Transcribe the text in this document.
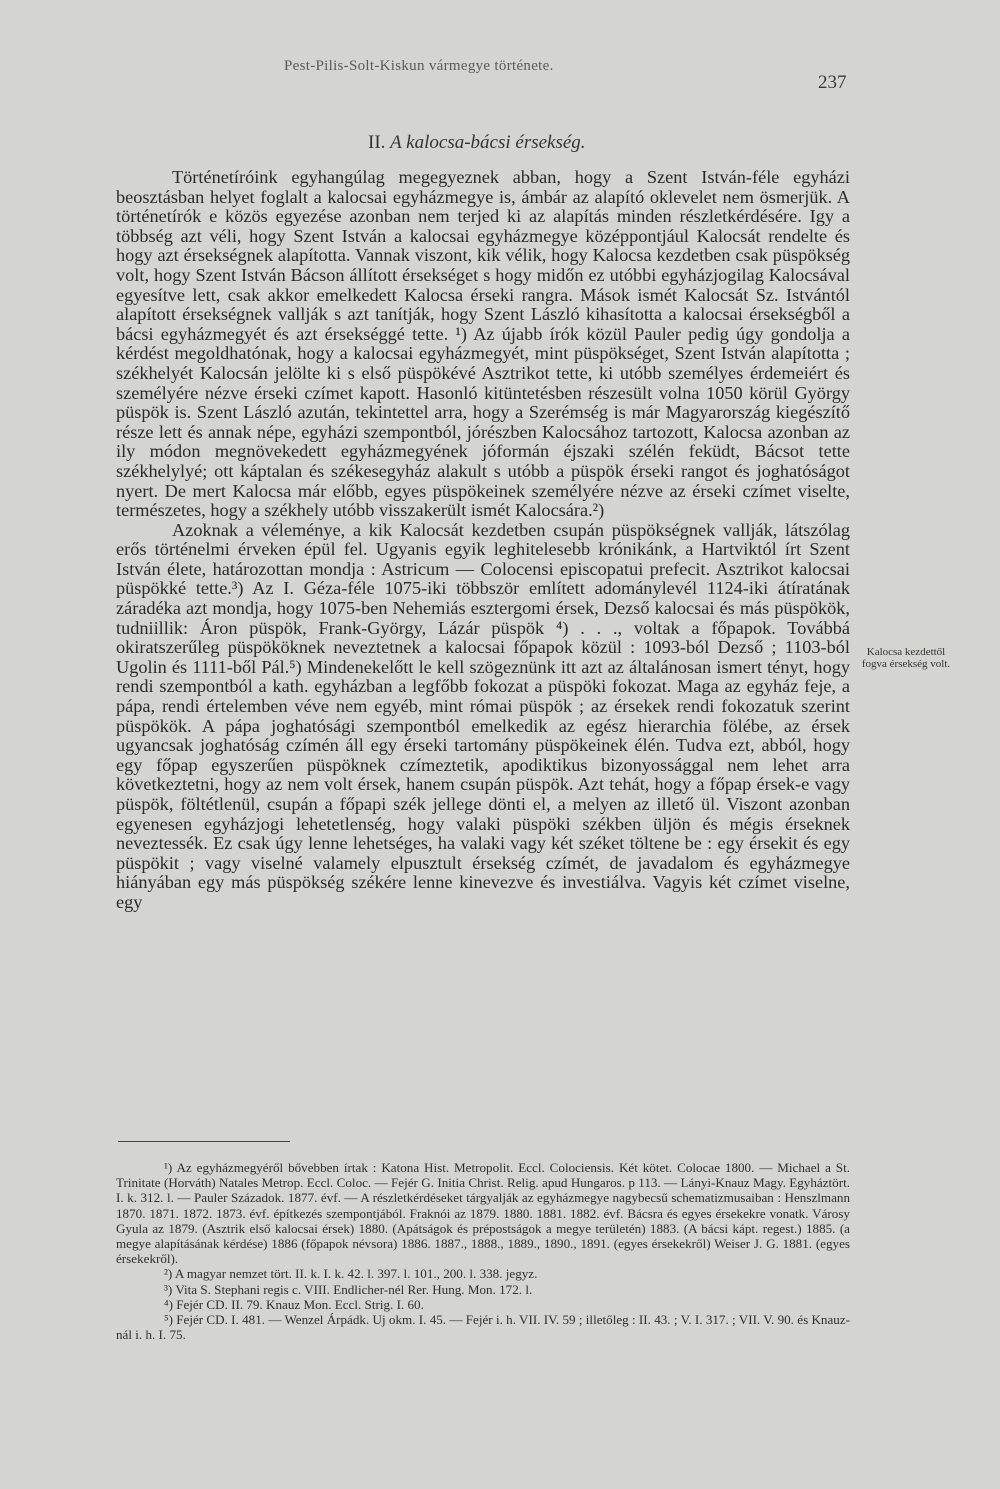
Pest-Pilis-Solt-Kiskun vármegye története.
237
II. A kalocsa-bácsi érsekség.

Történetíróink egyhangúlag megegyeznek abban, hogy a Szent István-féle egyházi beosztásban helyet foglalt a kalocsai egyházmegye is, ámbár az alapító oklevelet nem ösmerjük. A történetírók e közös egyezése azonban nem terjed ki az alapítás minden részletkérdésére. Igy a többség azt véli, hogy Szent István a kalocsai egyházmegye középpontjául Kalocsát rendelte és hogy azt érsekségnek alapította. Vannak viszont, kik vélik, hogy Kalocsa kezdetben csak püspökség volt, hogy Szent István Bácson állított érsekséget s hogy midőn ez utóbbi egyházjogilag Kalocsával egyesítve lett, csak akkor emelkedett Kalocsa érseki rangra. Mások ismét Kalocsát Sz. Istvántól alapított érsekségnek vallják s azt tanítják, hogy Szent László kihasította a kalocsai érsekségből a bácsi egyházmegyét és azt érsekséggé tette. ¹) Az újabb írók közül Pauler pedig úgy gondolja a kérdést megoldhatónak, hogy a kalocsai egyházmegyét, mint püspökséget, Szent István alapította ; székhelyét Kalocsán jelölte ki s első püspökévé Asztrikot tette, ki utóbb személyes érdemeiért és személyére nézve érseki czímet kapott. Hasonló kitüntetésben részesült volna 1050 körül György püspök is. Szent László azután, tekintettel arra, hogy a Szerémség is már Magyarország kiegészítő része lett és annak népe, egyházi szempontból, jórészben Kalocsához tartozott, Kalocsa azonban az ily módon megnövekedett egyházmegyének jóformán éjszaki szélén feküdt, Bácsot tette székhelylyé; ott káptalan és székesegyház alakult s utóbb a püspök érseki rangot és joghatóságot nyert. De mert Kalocsa már előbb, egyes püspökeinek személyére nézve az érseki czímet viselte, természetes, hogy a székhely utóbb visszakerült ismét Kalocsára.²)

Azoknak a véleménye, a kik Kalocsát kezdetben csupán püspökségnek vallják, látszólag erős történelmi érveken épül fel. Ugyanis egyik leghitelesebb krónikánk, a Hartviktól írt Szent István élete, határozottan mondja : Astricum — Colocensi episcopatui prefecit. Asztrikot kalocsai püspökké tette.³) Az I. Géza-féle 1075-iki többször említett adománylevél 1124-iki átíratának záradéka azt mondja, hogy 1075-ben Nehemiás esztergomi érsek, Dezső kalocsai és más püspökök, tudniillik: Áron püspök, Frank-György, Lázár püspök ⁴) . . ., voltak a főpapok. Továbbá okiratszerűleg püspököknek neveztetnek a kalocsai főpapok közül : 1093-ból Dezső ; 1103-ból Ugolin és 1111-ből Pál.⁵) Mindenekelőtt le kell szögeznünk itt azt az általánosan ismert tényt, hogy rendi szempontból a kath. egyházban a legfőbb fokozat a püspöki fokozat. Maga az egyház feje, a pápa, rendi értelemben véve nem egyéb, mint római püspök ; az érsekek rendi fokozatuk szerint püspökök. A pápa joghatósági szempontból emelkedik az egész hierarchia fölébe, az érsek ugyancsak joghatóság czímén áll egy érseki tartomány püspökeinek élén. Tudva ezt, abból, hogy egy főpap egyszerűen püspöknek czímeztetik, apodiktikus bizonyossággal nem lehet arra következtetni, hogy az nem volt érsek, hanem csupán püspök. Azt tehát, hogy a főpap érsek-e vagy püspök, föltétlenül, csupán a főpapi szék jellege dönti el, a melyen az illető ül. Viszont azonban egyenesen egyházjogi lehetetlenség, hogy valaki püspöki székben üljön és mégis érseknek neveztessék. Ez csak úgy lenne lehetséges, ha valaki vagy két széket töltene be : egy érsekit és egy püspökit ; vagy viselné valamely elpusztult érsekség czímét, de javadalom és egyházmegye hiányában egy más püspökség székére lenne kinevezve és investiálva. Vagyis két czímet viselne, egy

Kalocsa kezdettől fogva érsekség volt.

¹) Az egyházmegyéről bővebben írtak : Katona Hist. Metropolit. Eccl. Colociensis. Két kötet. Colocae 1800. — Michael a St. Trinitate (Horváth) Natales Metrop. Eccl. Coloc. — Fejér G. Initia Christ. Relig. apud Hungaros. p 113. — Lányi-Knauz Magy. Egyháztört. I. k. 312. l. — Pauler Századok. 1877. évf. — A részletkérdéseket tárgyalják az egyházmegye nagybecsű schematizmusaiban : Henszlmann 1870. 1871. 1872. 1873. évf. építkezés szempontjából. Fraknói az 1879. 1880. 1881. 1882. évf. Bácsra és egyes érsekekre vonatk. Városy Gyula az 1879. (Asztrik első kalocsai érsek) 1880. (Apátságok és prépostságok a megye területén) 1883. (A bácsi kápt. regest.) 1885. (a megye alapításának kérdése) 1886 (főpapok névsora) 1886. 1887., 1888., 1889., 1890., 1891. (egyes érsekekről) Weiser J. G. 1881. (egyes érsekekről).

²) A magyar nemzet tört. II. k. I. k. 42. l. 397. l. 101., 200. l. 338. jegyz.

³) Vita S. Stephani regis c. VIII. Endlicher-nél Rer. Hung. Mon. 172. l.

⁴) Fejér CD. II. 79. Knauz Mon. Eccl. Strig. I. 60.

⁵) Fejér CD. I. 481. — Wenzel Árpádk. Uj okm. I. 45. — Fejér i. h. VII. IV. 59 ; illetőleg : II. 43. ; V. I. 317. ; VII. V. 90. és Knauz-nál i. h. I. 75.
